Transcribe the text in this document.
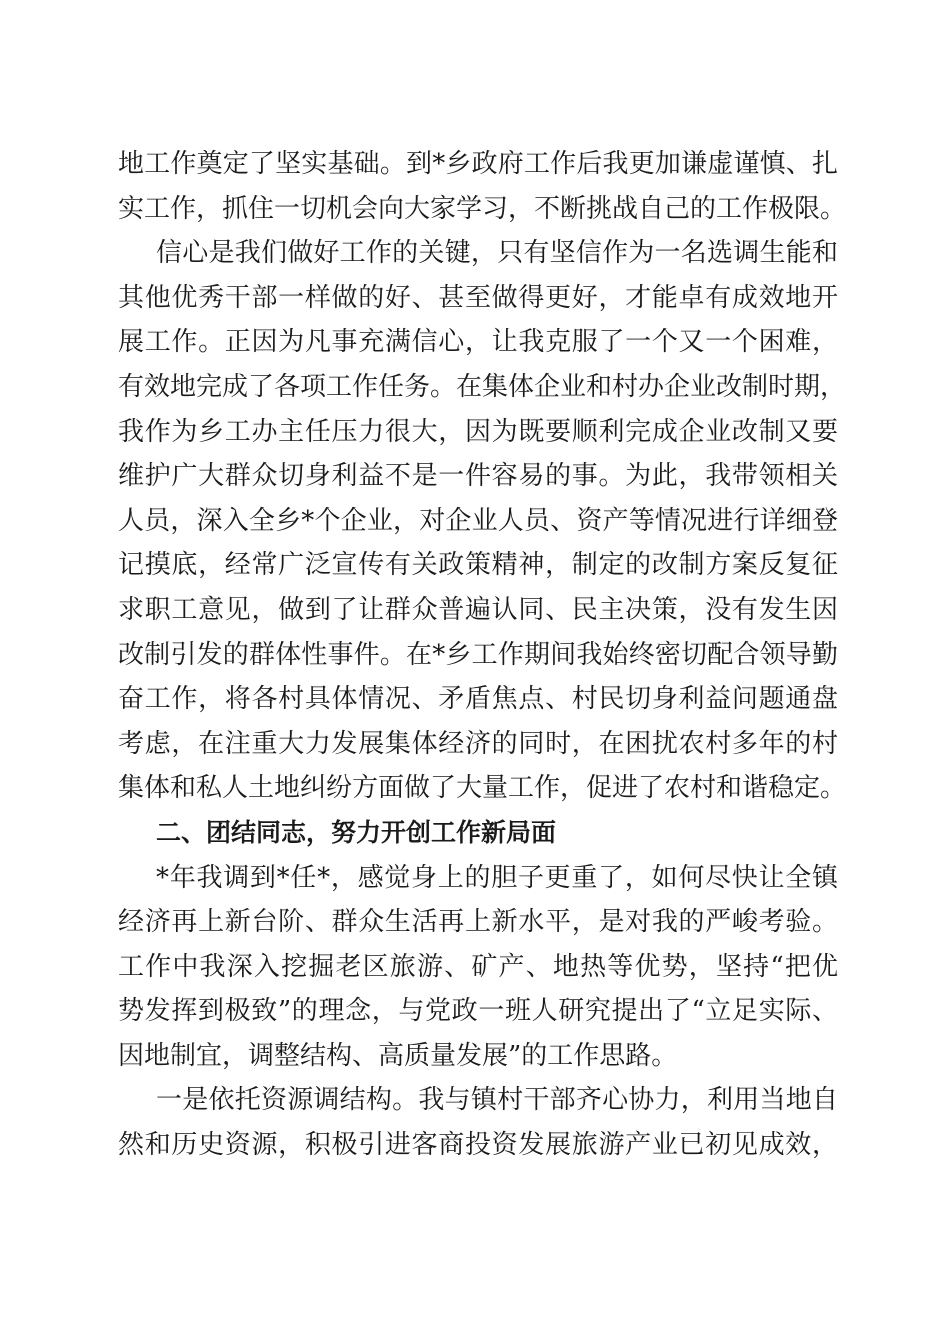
地工作奠定了坚实基础。到*乡政府工作后我更加谦虚谨慎、扎
实工作，抓住一切机会向大家学习，不断挑战自己的工作极限。
信心是我们做好工作的关键，只有坚信作为一名选调生能和
其他优秀干部一样做的好、甚至做得更好，才能卓有成效地开
展工作。正因为凡事充满信心，让我克服了一个又一个困难，
有效地完成了各项工作任务。在集体企业和村办企业改制时期，
我作为乡工办主任压力很大，因为既要顺利完成企业改制又要
维护广大群众切身利益不是一件容易的事。为此，我带领相关
人员，深入全乡*个企业，对企业人员、资产等情况进行详细登
记摸底，经常广泛宣传有关政策精神，制定的改制方案反复征
求职工意见，做到了让群众普遍认同、民主决策，没有发生因
改制引发的群体性事件。在*乡工作期间我始终密切配合领导勤
奋工作，将各村具体情况、矛盾焦点、村民切身利益问题通盘
考虑，在注重大力发展集体经济的同时，在困扰农村多年的村
集体和私人土地纠纷方面做了大量工作，促进了农村和谐稳定。
二、团结同志，努力开创工作新局面
*年我调到*任*，感觉身上的胆子更重了，如何尽快让全镇
经济再上新台阶、群众生活再上新水平，是对我的严峻考验。
工作中我深入挖掘老区旅游、矿产、地热等优势，坚持“把优
势发挥到极致”的理念，与党政一班人研究提出了“立足实际、
因地制宜，调整结构、高质量发展”的工作思路。
一是依托资源调结构。我与镇村干部齐心协力，利用当地自
然和历史资源，积极引进客商投资发展旅游产业已初见成效，
